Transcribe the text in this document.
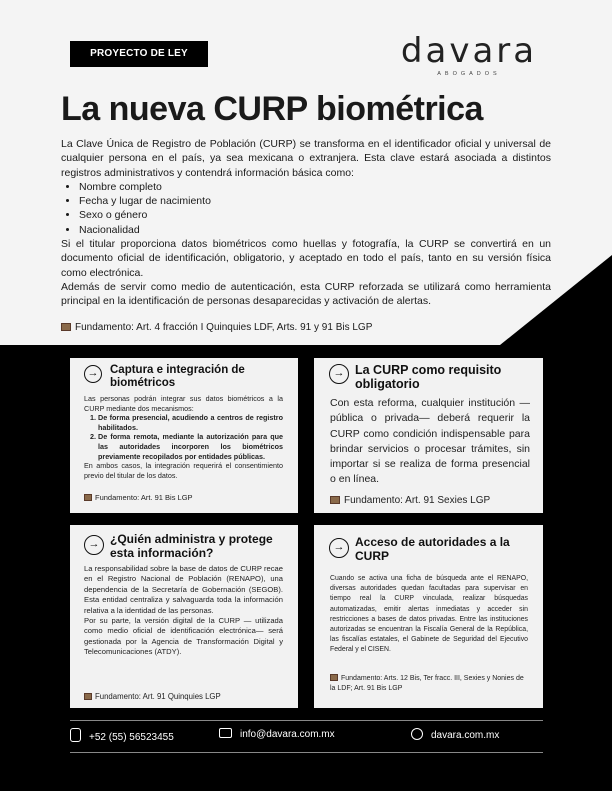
PROYECTO DE LEY	davara
ABOGADOS
La nueva CURP biométrica

La Clave Única de Registro de Población (CURP) se transforma en el identificador oficial y universal de cualquier persona en el país, ya sea mexicana o extranjera. Esta clave estará asociada a distintos registros administrativos y contendrá información básica como:

• Nombre completo
• Fecha y lugar de nacimiento
• Sexo o género
• Nacionalidad

Si el titular proporciona datos biométricos como huellas y fotografía, la CURP se convertirá en un documento oficial de identificación, obligatorio, y aceptado en todo el país, tanto en su versión física como electrónica.

Además de servir como medio de autenticación, esta CURP reforzada se utilizará como herramienta principal en la identificación de personas desaparecidas y activación de alertas.

Fundamento: Art. 4 fracción I Quinquies LDF, Arts. 91 y 91 Bis LGP
→	Captura e integración de biométricos

Las personas podrán integrar sus datos biométricos a la CURP mediante dos mecanismos:

1. De forma presencial, acudiendo a centros de registro habilitados.
2. De forma remota, mediante la autorización para que las autoridades incorporen los biométricos previamente recopilados por entidades públicas.

En ambos casos, la integración requerirá el consentimiento previo del titular de los datos.

Fundamento: Art. 91 Bis LGP
→ La CURP como requisito obligatorio
Con esta reforma, cualquier institución —pública o privada— deberá requerir la CURP como condición indispensable para brindar servicios o procesar trámites, sin importar si se realiza de forma presencial o en línea.
Fundamento: Art. 91 Sexies LGP
→ ¿Quién administra y protege esta información?

La responsabilidad sobre la base de datos de CURP recae en el Registro Nacional de Población (RENAPO), una dependencia de la Secretaría de Gobernación (SEGOB). Esta entidad centraliza y salvaguarda toda la información relativa a la identidad de las personas.

Por su parte, la versión digital de la CURP — utilizada como medio oficial de identificación electrónica— será gestionada por la Agencia de Transformación Digital y Telecomunicaciones (ATDY).

Fundamento: Art. 91 Quinquies LGP
→ Acceso de autoridades a la CURP
Cuando se activa una ficha de búsqueda ante el RENAPO, diversas autoridades quedan facultadas para supervisar en tiempo real la CURP vinculada, realizar búsquedas automatizadas, emitir alertas inmediatas y acceder sin restricciones a bases de datos privadas. Entre las instituciones autorizadas se encuentran la Fiscalía General de la República, las fiscalías estatales, el Gabinete de Seguridad del Ejecutivo Federal y el CISEN.
Fundamento: Arts. 12 Bis, Ter fracc. III, Sexies y Nonies de la LDF; Art. 91 Bis LGP
+52 (55) 56523455	info@davara.com.mx	davara.com.mx
